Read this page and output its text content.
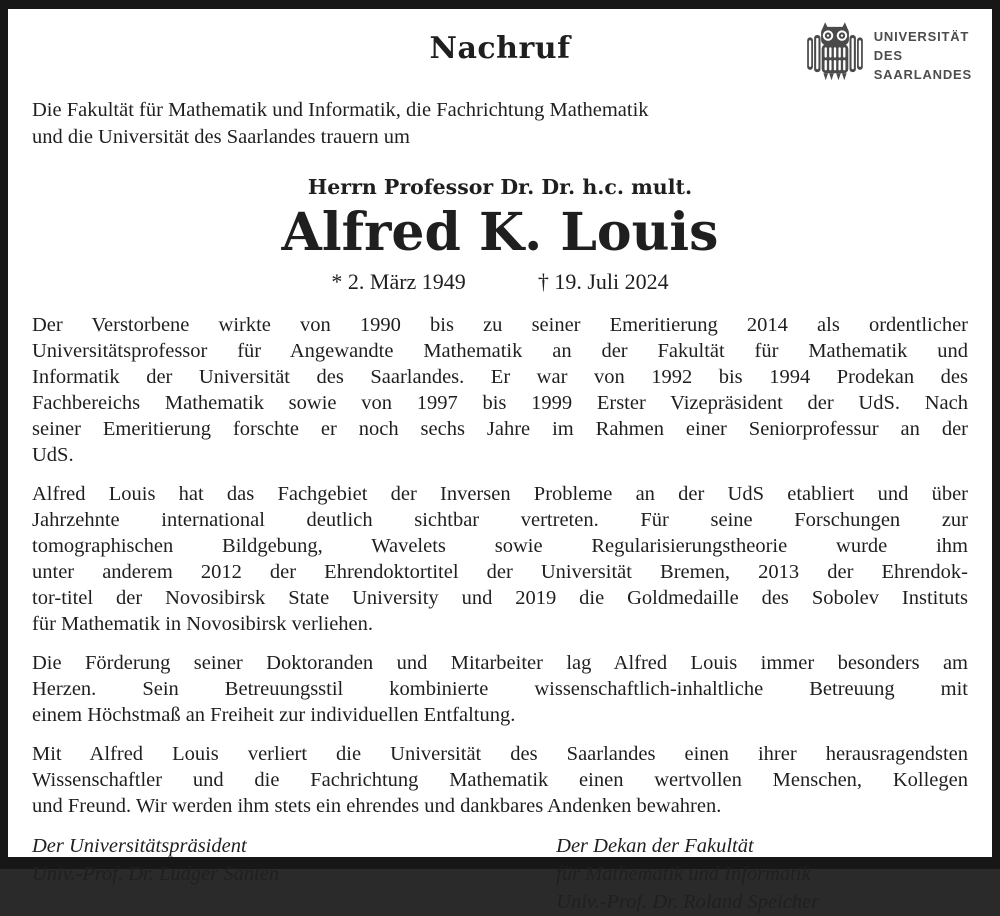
Nachruf	UNIVERSITÄT
DES
SAARLANDES
Die Fakultät für Mathematik und Informatik, die Fachrichtung Mathematik
und die Universität des Saarlandes trauern um
Herrn Professor Dr. Dr. h.c. mult.
Alfred K. Louis
* 2. März 1949	† 19. Juli 2024

Der Verstorbene wirkte von 1990 bis zu seiner Emeritierung 2014 als ordentlicher
Universitätsprofessor für Angewandte Mathematik an der Fakultät für Mathematik und
Informatik der Universität des Saarlandes. Er war von 1992 bis 1994 Prodekan des
Fachbereichs Mathematik sowie von 1997 bis 1999 Erster Vizepräsident der UdS. Nach
seiner Emeritierung forschte er noch sechs Jahre im Rahmen einer Seniorprofessur an der
UdS.

Alfred Louis hat das Fachgebiet der Inversen Probleme an der UdS etabliert und über
Jahrzehnte international deutlich sichtbar vertreten. Für seine Forschungen zur
tomographischen Bildgebung, Wavelets sowie Regularisierungstheorie wurde ihm
unter anderem 2012 der Ehrendoktortitel der Universität Bremen, 2013 der Ehrendok-
tor-titel der Novosibirsk State University und 2019 die Goldmedaille des Sobolev Instituts
für Mathematik in Novosibirsk verliehen.

Die Förderung seiner Doktoranden und Mitarbeiter lag Alfred Louis immer besonders am
Herzen. Sein Betreuungsstil kombinierte wissenschaftlich-inhaltliche Betreuung mit
einem Höchstmaß an Freiheit zur individuellen Entfaltung.

Mit Alfred Louis verliert die Universität des Saarlandes einen ihrer herausragendsten
Wissenschaftler und die Fachrichtung Mathematik einen wertvollen Menschen, Kollegen
und Freund. Wir werden ihm stets ein ehrendes und dankbares Andenken bewahren.

Der Universitätspräsident
Univ.-Prof. Dr. Ludger Santen
Der Dekan der Fakultät
für Mathematik und Informatik
Univ.-Prof. Dr. Roland Speicher
